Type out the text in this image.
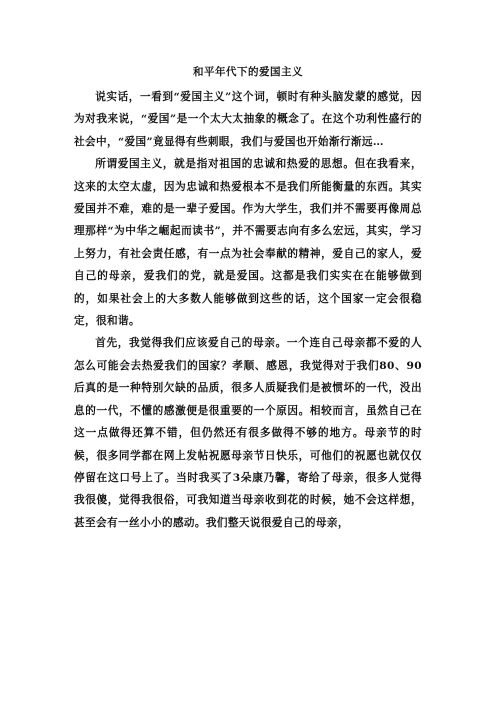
和平年代下的爱国主义

说实话，一看到“爱国主义”这个词，顿时有种头脑发蒙的感觉，因为对我来说，“爱国”是一个太大太抽象的概念了。在这个功利性盛行的社会中，“爱国”竟显得有些刺眼，我们与爱国也开始渐行渐远…

所谓爱国主义，就是指对祖国的忠诚和热爱的思想。但在我看来，这来的太空太虚，因为忠诚和热爱根本不是我们所能衡量的东西。其实爱国并不难，难的是一辈子爱国。作为大学生，我们并不需要再像周总理那样“为中华之崛起而读书”，并不需要志向有多么宏远，其实，学习上努力，有社会责任感，有一点为社会奉献的精神，爱自己的家人，爱自己的母亲，爱我们的党，就是爱国。这都是我们实实在在能够做到的，如果社会上的大多数人能够做到这些的话，这个国家一定会很稳定，很和谐。

首先，我觉得我们应该爱自己的母亲。一个连自己母亲都不爱的人怎么可能会去热爱我们的国家？孝顺、感恩，我觉得对于我们80、90后真的是一种特别欠缺的品质，很多人质疑我们是被惯坏的一代，没出息的一代，不懂的感激便是很重要的一个原因。相较而言，虽然自己在这一点做得还算不错，但仍然还有很多做得不够的地方。母亲节的时候，很多同学都在网上发帖祝愿母亲节日快乐，可他们的祝愿也就仅仅停留在这口号上了。当时我买了3朵康乃馨，寄给了母亲，很多人觉得我很傻，觉得我很俗，可我知道当母亲收到花的时候，她不会这样想，甚至会有一丝小小的感动。我们整天说很爱自己的母亲，
